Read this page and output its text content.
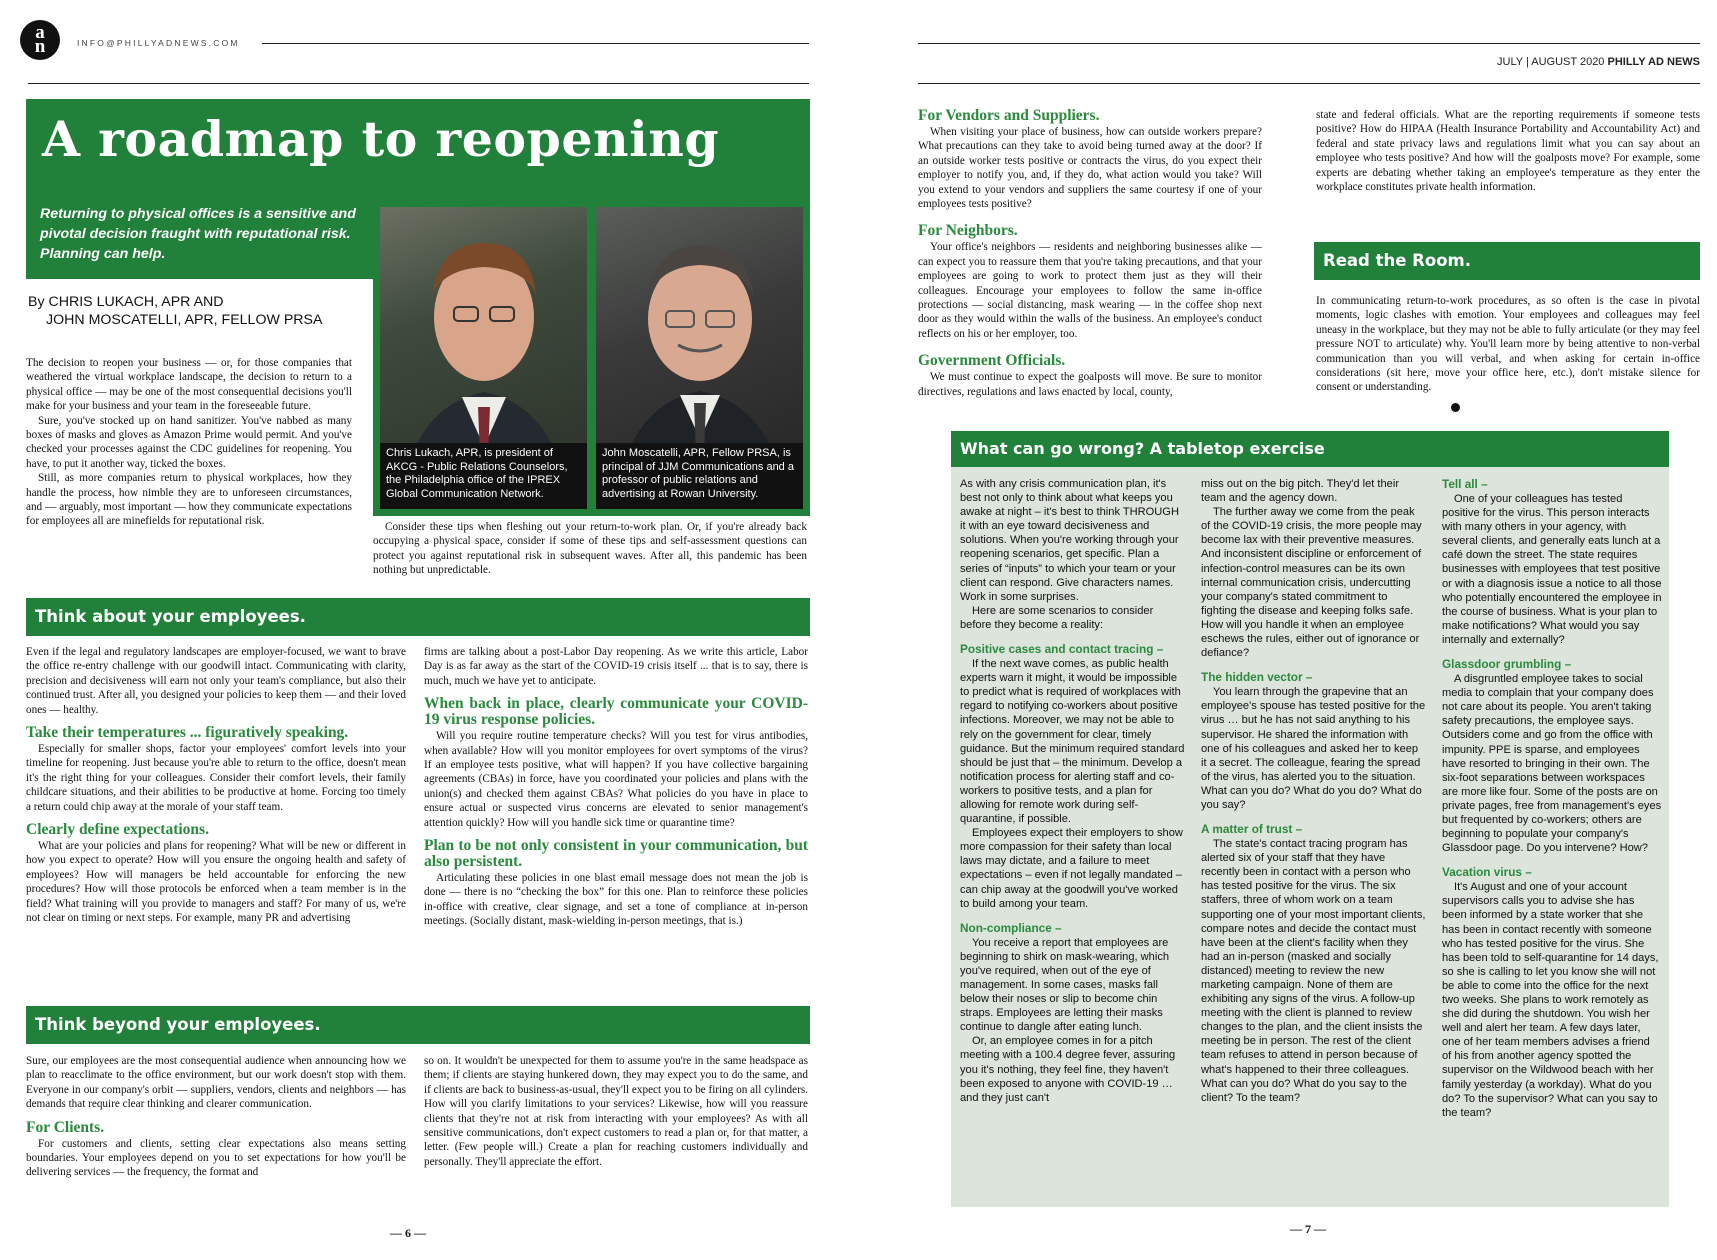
an	INFO@PHILLYADNEWS.COM
A roadmap to reopening
Returning to physical offices is a sensitive and pivotal decision fraught with reputational risk. Planning can help.
Chris Lukach, APR, is president of AKCG - Public Relations Counselors, the Philadelphia office of the IPREX Global Communication Network.
John Moscatelli, APR, Fellow PRSA, is principal of JJM Communications and a professor of public relations and advertising at Rowan University.
By CHRIS LUKACH, APR AND
JOHN MOSCATELLI, APR, FELLOW PRSA

The decision to reopen your business — or, for those companies that weathered the virtual workplace landscape, the decision to return to a physical office — may be one of the most consequential decisions you'll make for your business and your team in the foreseeable future.

Sure, you've stocked up on hand sanitizer. You've nabbed as many boxes of masks and gloves as Amazon Prime would permit. And you've checked your processes against the CDC guidelines for reopening. You have, to put it another way, ticked the boxes.

Still, as more companies return to physical workplaces, how they handle the process, how nimble they are to unforeseen circumstances, and — arguably, most important — how they communicate expectations for employees all are minefields for reputational risk.	Consider these tips when fleshing out your return-to-work plan. Or, if you're already back occupying a physical space, consider if some of these tips and self-assessment questions can protect you against reputational risk in subsequent waves. After all, this pandemic has been nothing but unpredictable.

Think about your employees.

Even if the legal and regulatory landscapes are employer-focused, we want to brave the office re-entry challenge with our goodwill intact. Communicating with clarity, precision and decisiveness will earn not only your team's compliance, but also their continued trust. After all, you designed your policies to keep them — and their loved ones — healthy.

Take their temperatures ... figuratively speaking.

Especially for smaller shops, factor your employees' comfort levels into your timeline for reopening. Just because you're able to return to the office, doesn't mean it's the right thing for your colleagues. Consider their comfort levels, their family childcare situations, and their abilities to be productive at home. Forcing too timely a return could chip away at the morale of your staff team.

Clearly define expectations.

What are your policies and plans for reopening? What will be new or different in how you expect to operate? How will you ensure the ongoing health and safety of employees? How will managers be held accountable for enforcing the new procedures? How will those protocols be enforced when a team member is in the field? What training will you provide to managers and staff? For many of us, we're not clear on timing or next steps. For example, many PR and advertising

firms are talking about a post-Labor Day reopening. As we write this article, Labor Day is as far away as the start of the COVID-19 crisis itself ... that is to say, there is much, much we have yet to anticipate.

When back in place, clearly communicate your COVID-19 virus response policies.

Will you require routine temperature checks? Will you test for virus antibodies, when available? How will you monitor employees for overt symptoms of the virus? If an employee tests positive, what will happen? If you have collective bargaining agreements (CBAs) in force, have you coordinated your policies and plans with the union(s) and checked them against CBAs? What policies do you have in place to ensure actual or suspected virus concerns are elevated to senior management's attention quickly? How will you handle sick time or quarantine time?

Plan to be not only consistent in your communication, but also persistent.

Articulating these policies in one blast email message does not mean the job is done — there is no “checking the box” for this one. Plan to reinforce these policies in-office with creative, clear signage, and set a tone of compliance at in-person meetings. (Socially distant, mask-wielding in-person meetings, that is.)

Think beyond your employees.

Sure, our employees are the most consequential audience when announcing how we plan to reacclimate to the office environment, but our work doesn't stop with them. Everyone in our company's orbit — suppliers, vendors, clients and neighbors — has demands that require clear thinking and clearer communication.

For Clients.

For customers and clients, setting clear expectations also means setting boundaries. Your employees depend on you to set expectations for how you'll be delivering services — the frequency, the format and

so on. It wouldn't be unexpected for them to assume you're in the same headspace as them; if clients are staying hunkered down, they may expect you to do the same, and if clients are back to business-as-usual, they'll expect you to be firing on all cylinders. How will you clarify limitations to your services? Likewise, how will you reassure clients that they're not at risk from interacting with your employees? As with all sensitive communications, don't expect customers to read a plan or, for that matter, a letter. (Few people will.) Create a plan for reaching customers individually and personally. They'll appreciate the effort.

— 6 —
JULY | AUGUST 2020 PHILLY AD NEWS
For Vendors and Suppliers.

When visiting your place of business, how can outside workers prepare? What precautions can they take to avoid being turned away at the door? If an outside worker tests positive or contracts the virus, do you expect their employer to notify you, and, if they do, what action would you take? Will you extend to your vendors and suppliers the same courtesy if one of your employees tests positive?

For Neighbors.

Your office's neighbors — residents and neighboring businesses alike — can expect you to reassure them that you're taking precautions, and that your employees are going to work to protect them just as they will their colleagues. Encourage your employees to follow the same in-office protections — social distancing, mask wearing — in the coffee shop next door as they would within the walls of the business. An employee's conduct reflects on his or her employer, too.

Government Officials.

We must continue to expect the goalposts will move. Be sure to monitor directives, regulations and laws enacted by local, county,

state and federal officials. What are the reporting requirements if someone tests positive? How do HIPAA (Health Insurance Portability and Accountability Act) and federal and state privacy laws and regulations limit what you can say about an employee who tests positive? And how will the goalposts move? For example, some experts are debating whether taking an employee's temperature as they enter the workplace constitutes private health information.

Read the Room.

In communicating return-to-work procedures, as so often is the case in pivotal moments, logic clashes with emotion. Your employees and colleagues may feel uneasy in the workplace, but they may not be able to fully articulate (or they may feel pressure NOT to articulate) why. You'll learn more by being attentive to non-verbal communication than you will verbal, and when asking for certain in-office considerations (sit here, move your office here, etc.), don't mistake silence for consent or understanding.

What can go wrong? A tabletop exercise

As with any crisis communication plan, it's best not only to think about what keeps you awake at night – it's best to think THROUGH it with an eye toward decisiveness and solutions. When you're working through your reopening scenarios, get specific. Plan a series of “inputs” to which your team or your client can respond. Give characters names. Work in some surprises.

Here are some scenarios to consider before they become a reality:

Positive cases and contact tracing –

If the next wave comes, as public health experts warn it might, it would be impossible to predict what is required of workplaces with regard to notifying co-workers about positive infections. Moreover, we may not be able to rely on the government for clear, timely guidance. But the minimum required standard should be just that – the minimum. Develop a notification process for alerting staff and co-workers to positive tests, and a plan for allowing for remote work during self-quarantine, if possible.

Employees expect their employers to show more compassion for their safety than local laws may dictate, and a failure to meet expectations – even if not legally mandated – can chip away at the goodwill you've worked to build among your team.

Non-compliance –

You receive a report that employees are beginning to shirk on mask-wearing, which you've required, when out of the eye of management. In some cases, masks fall below their noses or slip to become chin straps. Employees are letting their masks continue to dangle after eating lunch.

Or, an employee comes in for a pitch meeting with a 100.4 degree fever, assuring you it's nothing, they feel fine, they haven't been exposed to anyone with COVID-19 … and they just can't

miss out on the big pitch. They'd let their team and the agency down.

The further away we come from the peak of the COVID-19 crisis, the more people may become lax with their preventive measures. And inconsistent discipline or enforcement of infection-control measures can be its own internal communication crisis, undercutting your company's stated commitment to fighting the disease and keeping folks safe. How will you handle it when an employee eschews the rules, either out of ignorance or defiance?

The hidden vector –

You learn through the grapevine that an employee's spouse has tested positive for the virus … but he has not said anything to his supervisor. He shared the information with one of his colleagues and asked her to keep it a secret. The colleague, fearing the spread of the virus, has alerted you to the situation. What can you do? What do you do? What do you say?

A matter of trust –

The state's contact tracing program has alerted six of your staff that they have recently been in contact with a person who has tested positive for the virus. The six staffers, three of whom work on a team supporting one of your most important clients, compare notes and decide the contact must have been at the client's facility when they had an in-person (masked and socially distanced) meeting to review the new marketing campaign. None of them are exhibiting any signs of the virus. A follow-up meeting with the client is planned to review changes to the plan, and the client insists the meeting be in person. The rest of the client team refuses to attend in person because of what's happened to their three colleagues. What can you do? What do you say to the client? To the team?

Tell all –

One of your colleagues has tested positive for the virus. This person interacts with many others in your agency, with several clients, and generally eats lunch at a café down the street. The state requires businesses with employees that test positive or with a diagnosis issue a notice to all those who potentially encountered the employee in the course of business. What is your plan to make notifications? What would you say internally and externally?

Glassdoor grumbling –

A disgruntled employee takes to social media to complain that your company does not care about its people. You aren't taking safety precautions, the employee says. Outsiders come and go from the office with impunity. PPE is sparse, and employees have resorted to bringing in their own. The six-foot separations between workspaces are more like four. Some of the posts are on private pages, free from management's eyes but frequented by co-workers; others are beginning to populate your company's Glassdoor page. Do you intervene? How?

Vacation virus –

It's August and one of your account supervisors calls you to advise she has been informed by a state worker that she has been in contact recently with someone who has tested positive for the virus. She has been told to self-quarantine for 14 days, so she is calling to let you know she will not be able to come into the office for the next two weeks. She plans to work remotely as she did during the shutdown. You wish her well and alert her team. A few days later, one of her team members advises a friend of his from another agency spotted the supervisor on the Wildwood beach with her family yesterday (a workday). What do you do? To the supervisor? What can you say to the team?

— 7 —
